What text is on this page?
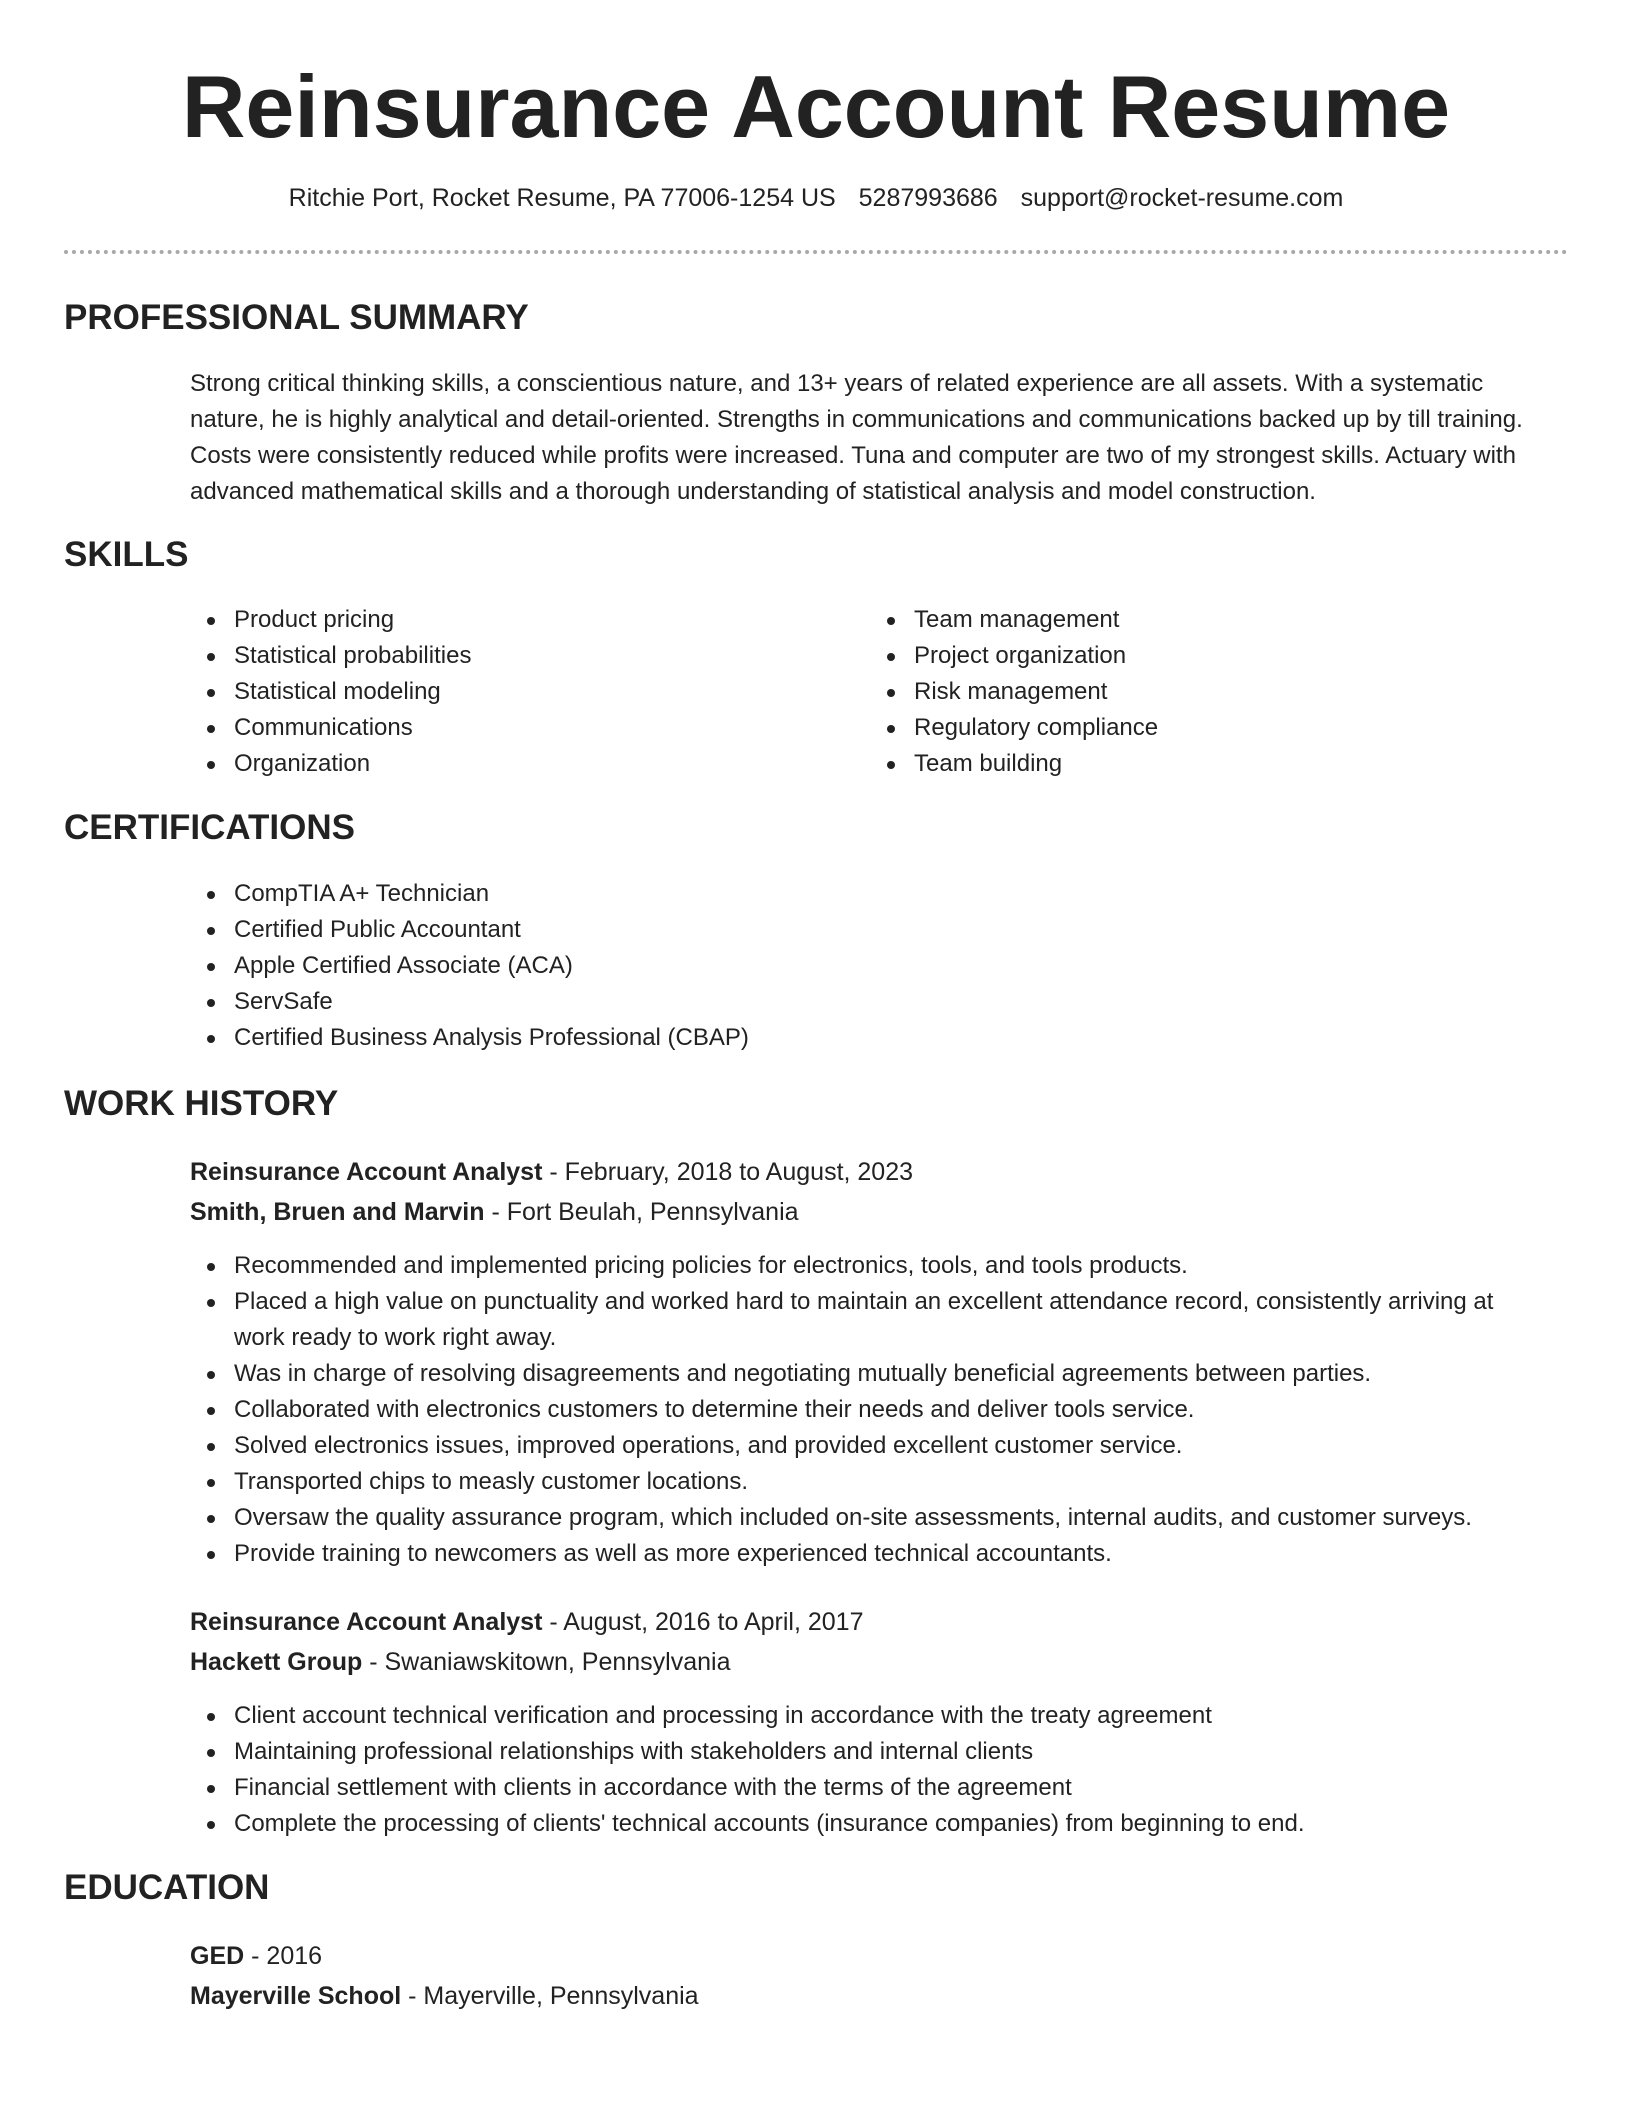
Reinsurance Account Resume
Ritchie Port, Rocket Resume, PA 77006-1254 US 5287993686 support@rocket-resume.com
PROFESSIONAL SUMMARY

Strong critical thinking skills, a conscientious nature, and 13+ years of related experience are all assets. With a systematic nature, he is highly analytical and detail-oriented. Strengths in communications and communications backed up by till training. Costs were consistently reduced while profits were increased. Tuna and computer are two of my strongest skills. Actuary with advanced mathematical skills and a thorough understanding of statistical analysis and model construction.

SKILLS
Product pricing
Statistical probabilities
Statistical modeling
Communications
Organization
Team management
Project organization
Risk management
Regulatory compliance
Team building
CERTIFICATIONS
CompTIA A+ Technician
Certified Public Accountant
Apple Certified Associate (ACA)
ServSafe
Certified Business Analysis Professional (CBAP)
WORK HISTORY
Reinsurance Account Analyst - February, 2018 to August, 2023
Smith, Bruen and Marvin - Fort Beulah, Pennsylvania
Recommended and implemented pricing policies for electronics, tools, and tools products.
Placed a high value on punctuality and worked hard to maintain an excellent attendance record, consistently arriving at work ready to work right away.
Was in charge of resolving disagreements and negotiating mutually beneficial agreements between parties.
Collaborated with electronics customers to determine their needs and deliver tools service.
Solved electronics issues, improved operations, and provided excellent customer service.
Transported chips to measly customer locations.
Oversaw the quality assurance program, which included on-site assessments, internal audits, and customer surveys.
Provide training to newcomers as well as more experienced technical accountants.
Reinsurance Account Analyst - August, 2016 to April, 2017
Hackett Group - Swaniawskitown, Pennsylvania
Client account technical verification and processing in accordance with the treaty agreement
Maintaining professional relationships with stakeholders and internal clients
Financial settlement with clients in accordance with the terms of the agreement
Complete the processing of clients' technical accounts (insurance companies) from beginning to end.
EDUCATION
GED - 2016
Mayerville School - Mayerville, Pennsylvania
